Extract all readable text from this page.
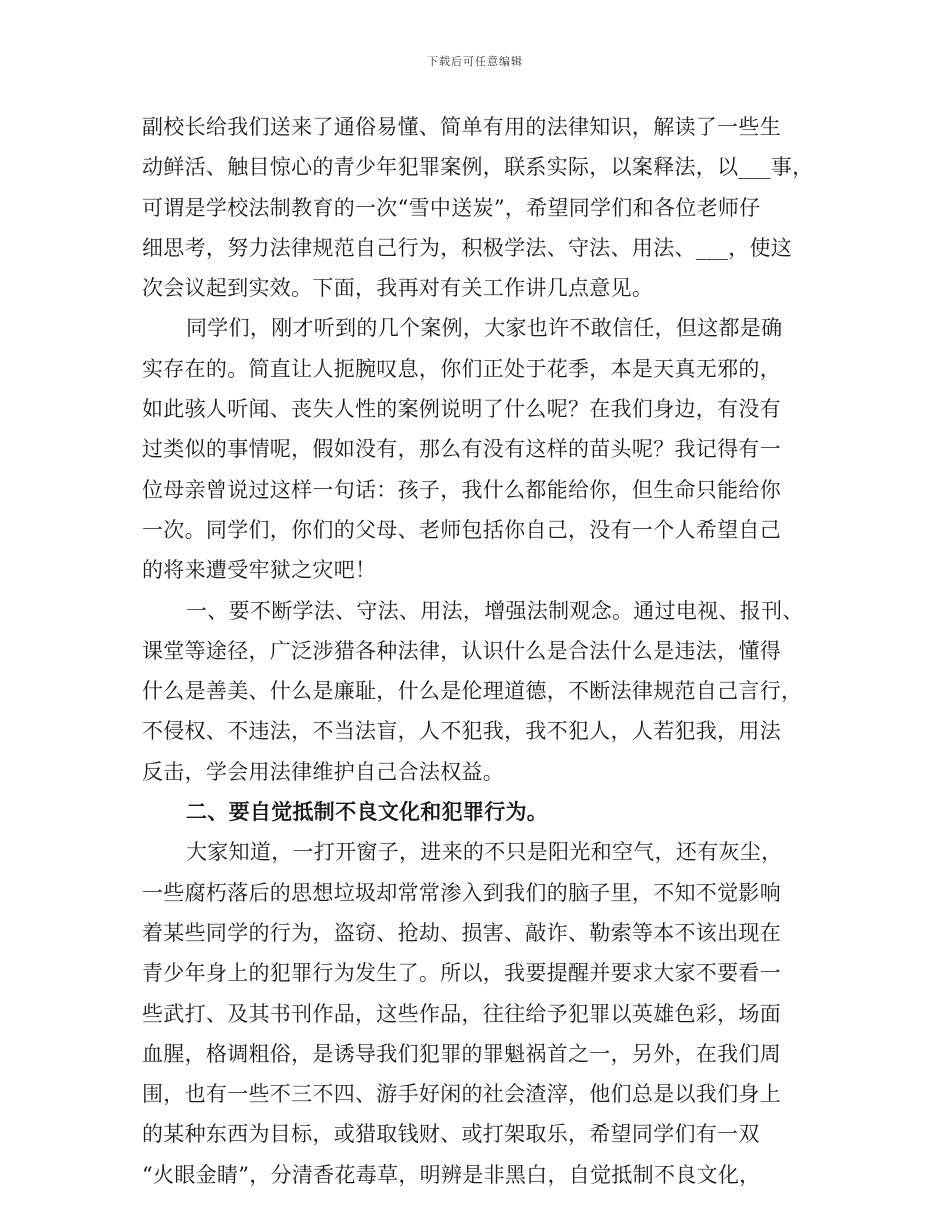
下载后可任意编辑
副校长给我们送来了通俗易懂、简单有用的法律知识，解读了一些生
动鲜活、触目惊心的青少年犯罪案例，联系实际，以案释法，以___事，
可谓是学校法制教育的一次“雪中送炭”，希望同学们和各位老师仔
细思考，努力法律规范自己行为，积极学法、守法、用法、___，使这
次会议起到实效。下面，我再对有关工作讲几点意见。
同学们，刚才听到的几个案例，大家也许不敢信任，但这都是确
实存在的。简直让人扼腕叹息，你们正处于花季，本是天真无邪的，
如此骇人听闻、丧失人性的案例说明了什么呢？在我们身边，有没有
过类似的事情呢，假如没有，那么有没有这样的苗头呢？我记得有一
位母亲曾说过这样一句话：孩子，我什么都能给你，但生命只能给你
一次。同学们，你们的父母、老师包括你自己，没有一个人希望自己
的将来遭受牢狱之灾吧！
一、要不断学法、守法、用法，增强法制观念。通过电视、报刊、
课堂等途径，广泛涉猎各种法律，认识什么是合法什么是违法，懂得
什么是善美、什么是廉耻，什么是伦理道德，不断法律规范自己言行，
不侵权、不违法，不当法盲，人不犯我，我不犯人，人若犯我，用法
反击，学会用法律维护自己合法权益。
二、要自觉抵制不良文化和犯罪行为。
大家知道，一打开窗子，进来的不只是阳光和空气，还有灰尘，
一些腐朽落后的思想垃圾却常常渗入到我们的脑子里，不知不觉影响
着某些同学的行为，盗窃、抢劫、损害、敲诈、勒索等本不该出现在
青少年身上的犯罪行为发生了。所以，我要提醒并要求大家不要看一
些武打、及其书刊作品，这些作品，往往给予犯罪以英雄色彩，场面
血腥，格调粗俗，是诱导我们犯罪的罪魁祸首之一，另外，在我们周
围，也有一些不三不四、游手好闲的社会渣滓，他们总是以我们身上
的某种东西为目标，或猎取钱财、或打架取乐，希望同学们有一双
“火眼金睛”，分清香花毒草，明辨是非黑白，自觉抵制不良文化，
